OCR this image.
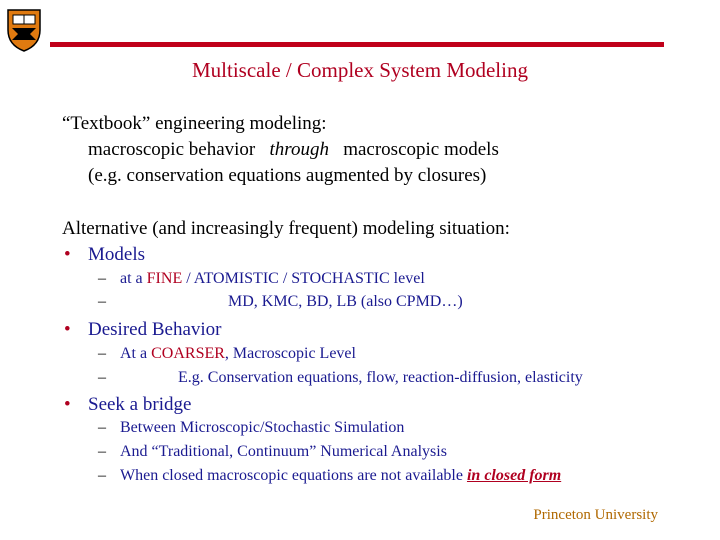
Multiscale / Complex System Modeling
“Textbook” engineering modeling:
macroscopic behavior through macroscopic models
(e.g. conservation equations augmented by closures)
Alternative (and increasingly frequent) modeling situation:
• Models
– at a FINE / ATOMISTIC / STOCHASTIC level
–	MD, KMC, BD, LB (also CPMD…)
• Desired Behavior
– At a COARSER, Macroscopic Level
–	E.g. Conservation equations, flow, reaction-diffusion, elasticity
• Seek a bridge
– Between Microscopic/Stochastic Simulation
– And “Traditional, Continuum” Numerical Analysis
– When closed macroscopic equations are not available in closed form
Princeton University
